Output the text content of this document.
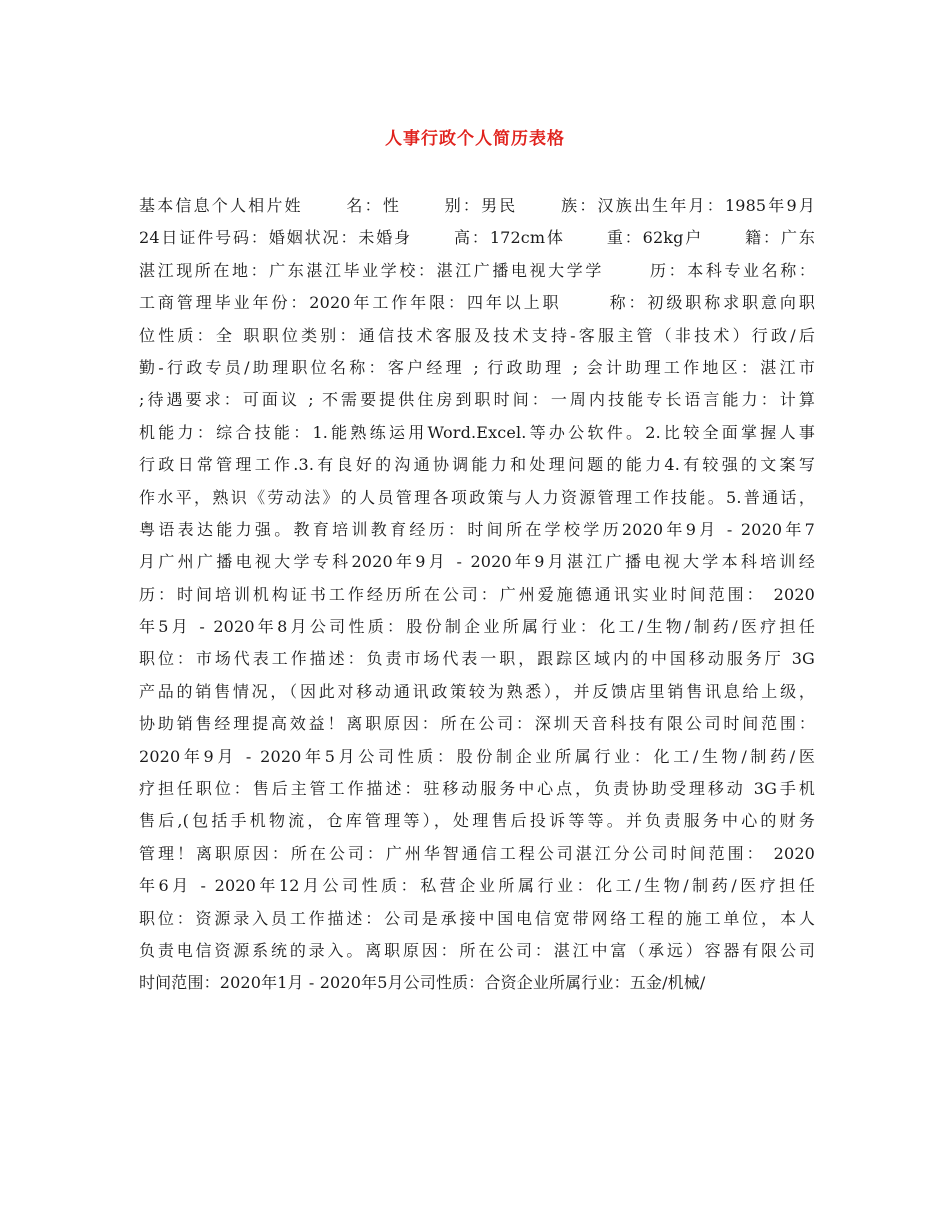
人事行政个人简历表格
基本信息个人相片姓      名：性      别：男民      族：汉族出生年月：1985年9月
24日证件号码：婚姻状况：未婚身      高：172cm体      重：62kg户      籍：广东
湛江现所在地：广东湛江毕业学校：湛江广播电视大学学      历：本科专业名称：
工商管理毕业年份：2020年工作年限：四年以上职      称：初级职称求职意向职
位性质：全 职职位类别：通信技术客服及技术支持-客服主管（非技术）行政/后
勤-行政专员/助理职位名称：客户经理 ; 行政助理 ; 会计助理工作地区：湛江市
;待遇要求：可面议 ; 不需要提供住房到职时间：一周内技能专长语言能力：计算
机能力：综合技能：1.能熟练运用Word.Excel.等办公软件。2.比较全面掌握人事
行政日常管理工作.3.有良好的沟通协调能力和处理问题的能力4.有较强的文案写
作水平，熟识《劳动法》的人员管理各项政策与人力资源管理工作技能。5.普通话，
粤语表达能力强。教育培训教育经历：时间所在学校学历2020年9月 - 2020年7
月广州广播电视大学专科2020年9月 - 2020年9月湛江广播电视大学本科培训经
历：时间培训机构证书工作经历所在公司：广州爱施德通讯实业时间范围： 2020
年5月 - 2020年8月公司性质：股份制企业所属行业：化工/生物/制药/医疗担任
职位：市场代表工作描述：负责市场代表一职，跟踪区域内的中国移动服务厅 3G
产品的销售情况，（因此对移动通讯政策较为熟悉），并反馈店里销售讯息给上级，
协助销售经理提高效益！离职原因：所在公司：深圳天音科技有限公司时间范围：
2020年9月 - 2020年5月公司性质：股份制企业所属行业：化工/生物/制药/医
疗担任职位：售后主管工作描述：驻移动服务中心点，负责协助受理移动 3G手机
售后,(包括手机物流，仓库管理等），处理售后投诉等等。并负责服务中心的财务
管理！离职原因：所在公司：广州华智通信工程公司湛江分公司时间范围： 2020
年6月 - 2020年12月公司性质：私营企业所属行业：化工/生物/制药/医疗担任
职位：资源录入员工作描述：公司是承接中国电信宽带网络工程的施工单位，本人
负责电信资源系统的录入。离职原因：所在公司：湛江中富（承远）容器有限公司
时间范围：2020年1月 - 2020年5月公司性质：合资企业所属行业：五金/机械/
